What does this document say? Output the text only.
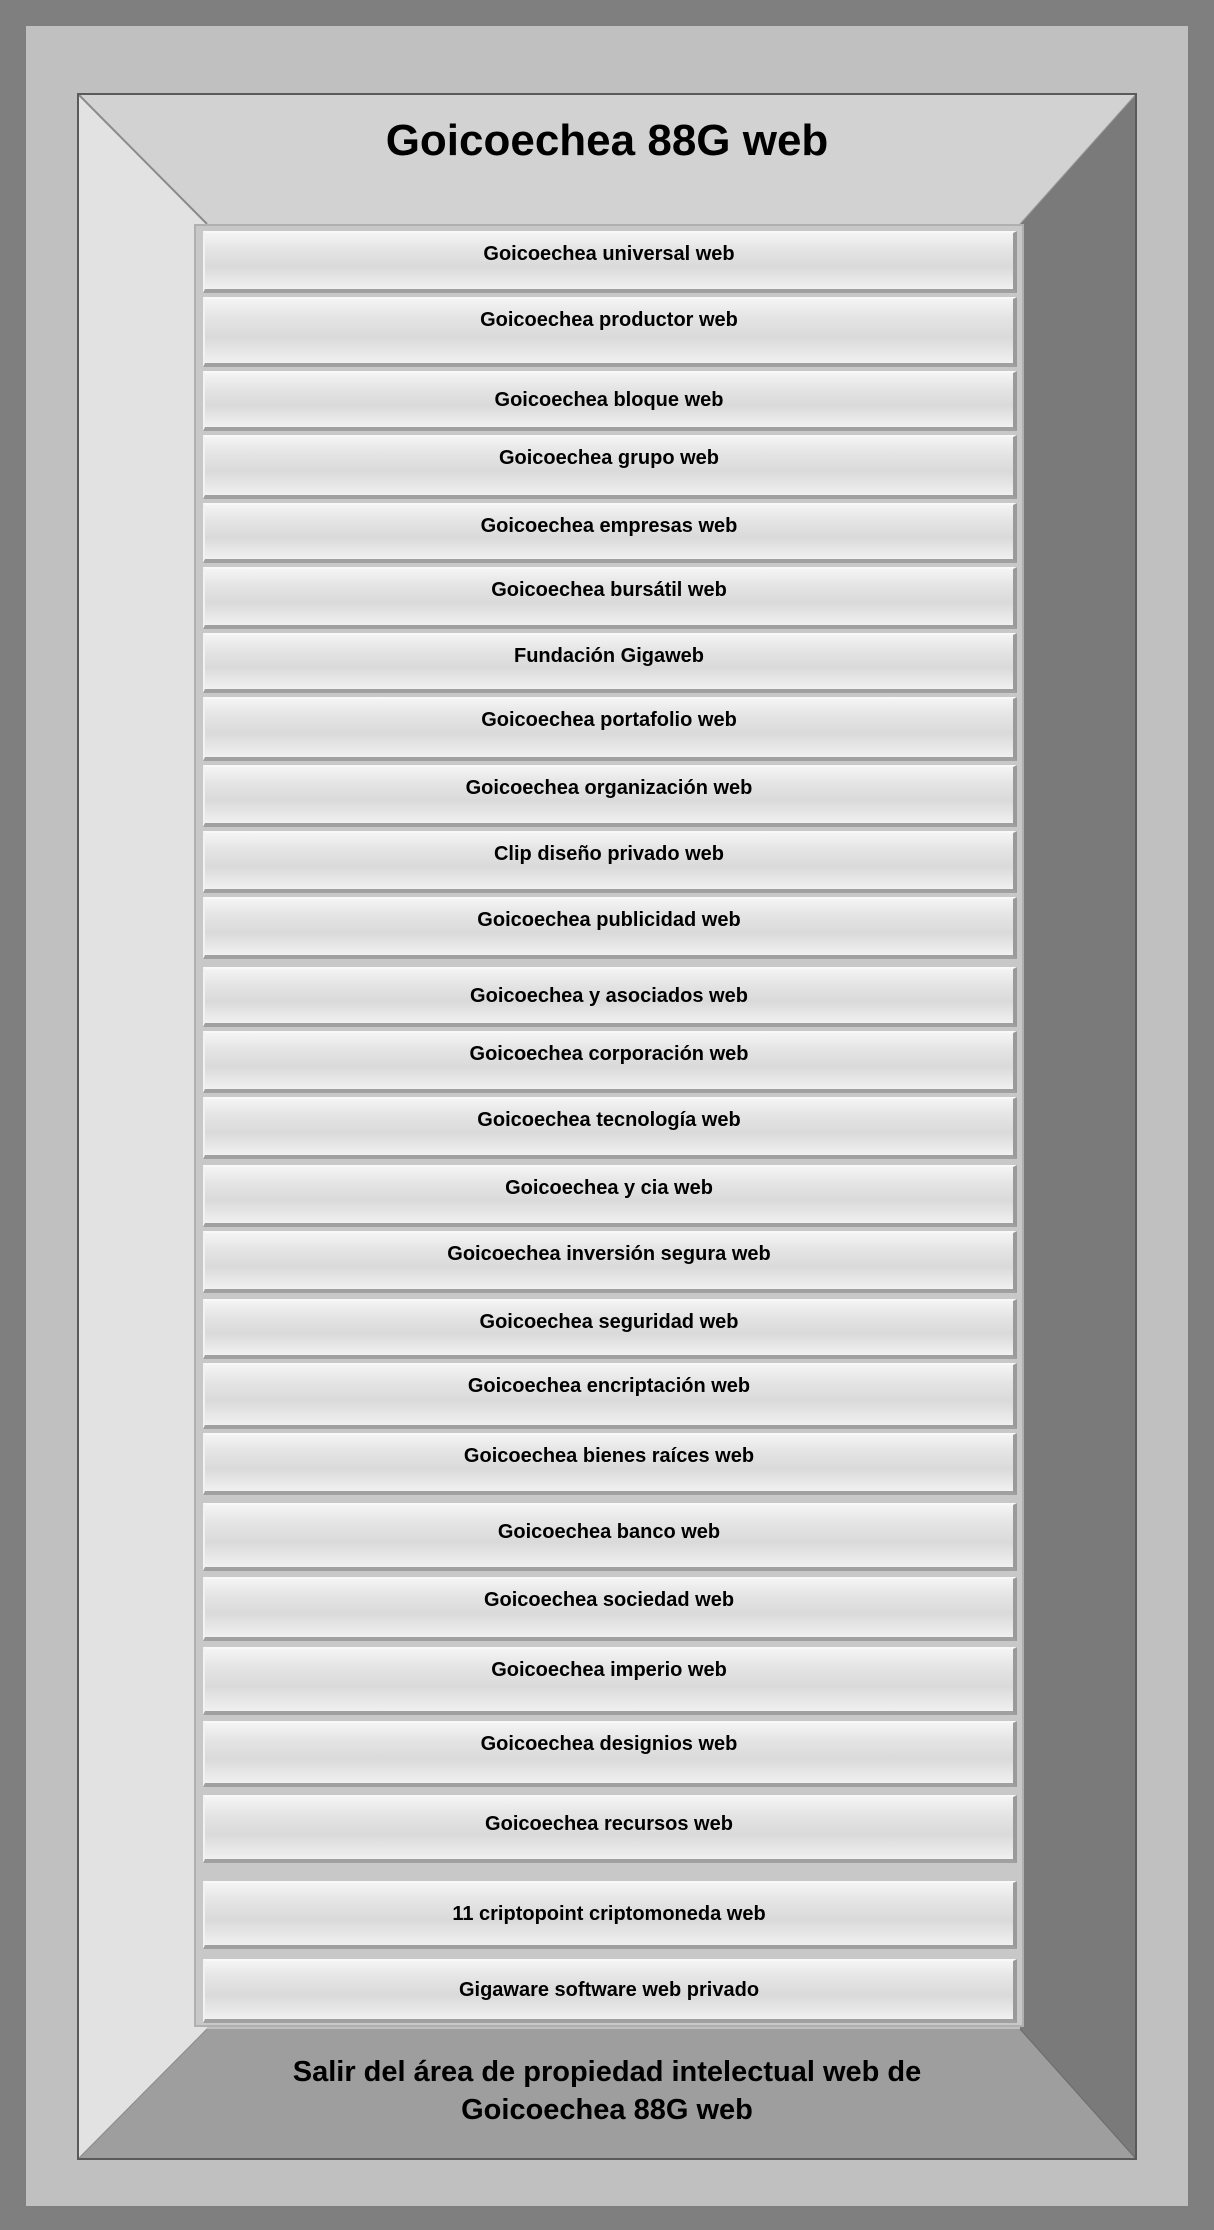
Goicoechea 88G web
Salir del área de propiedad intelectual web de
Goicoechea 88G web
Goicoechea universal web
Goicoechea productor web
Goicoechea bloque web
Goicoechea grupo web
Goicoechea empresas web
Goicoechea bursátil web
Fundación Gigaweb
Goicoechea portafolio web
Goicoechea organización web
Clip diseño privado web
Goicoechea publicidad web
Goicoechea y asociados web
Goicoechea corporación web
Goicoechea tecnología web
Goicoechea y cia web
Goicoechea inversión segura web
Goicoechea seguridad web
Goicoechea encriptación web
Goicoechea bienes raíces web
Goicoechea banco web
Goicoechea sociedad web
Goicoechea imperio web
Goicoechea designios web
Goicoechea recursos web
11 criptopoint criptomoneda web
Gigaware software web privado
